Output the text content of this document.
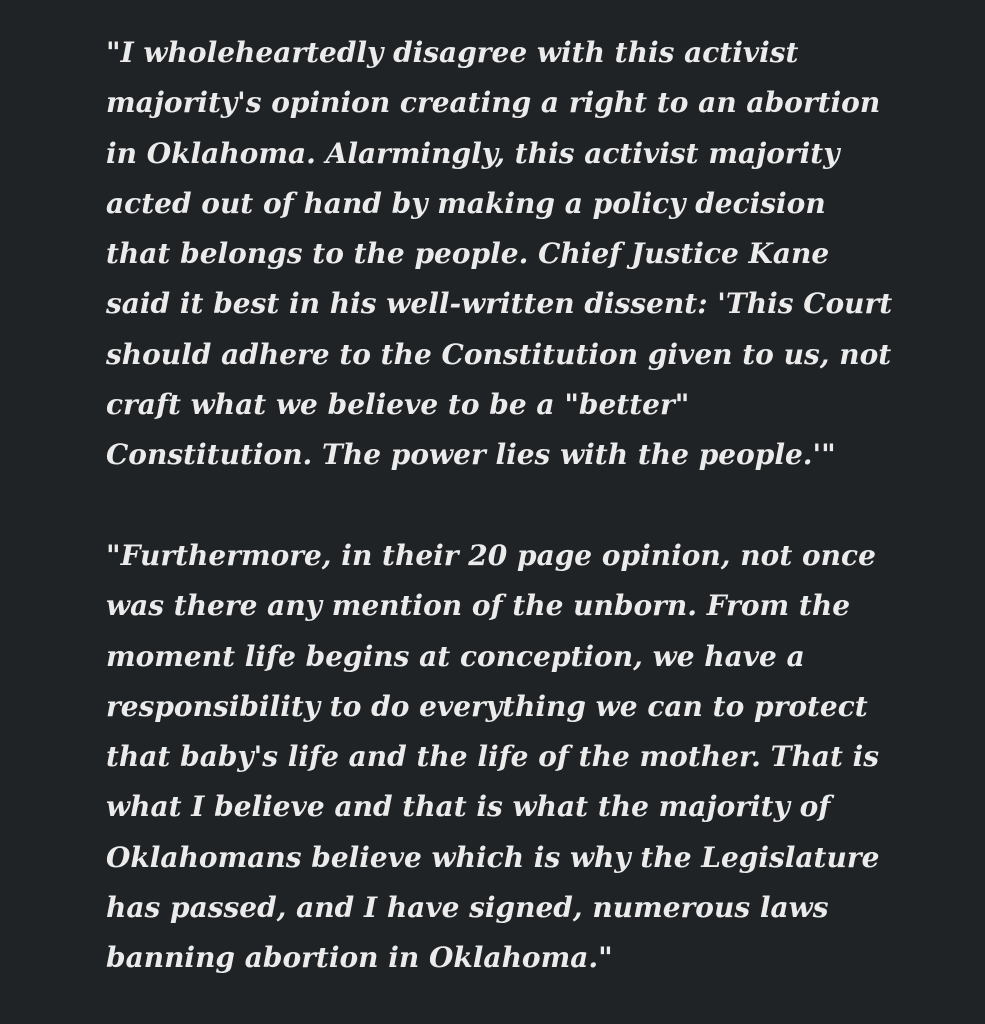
"I wholeheartedly disagree with this activist
majority's opinion creating a right to an abortion
in Oklahoma. Alarmingly, this activist majority
acted out of hand by making a policy decision
that belongs to the people. Chief Justice Kane
said it best in his well-written dissent: 'This Court
should adhere to the Constitution given to us, not
craft what we believe to be a "better"
Constitution. The power lies with the people.'"

"Furthermore, in their 20 page opinion, not once
was there any mention of the unborn. From the
moment life begins at conception, we have a
responsibility to do everything we can to protect
that baby's life and the life of the mother. That is
what I believe and that is what the majority of
Oklahomans believe which is why the Legislature
has passed, and I have signed, numerous laws
banning abortion in Oklahoma."
